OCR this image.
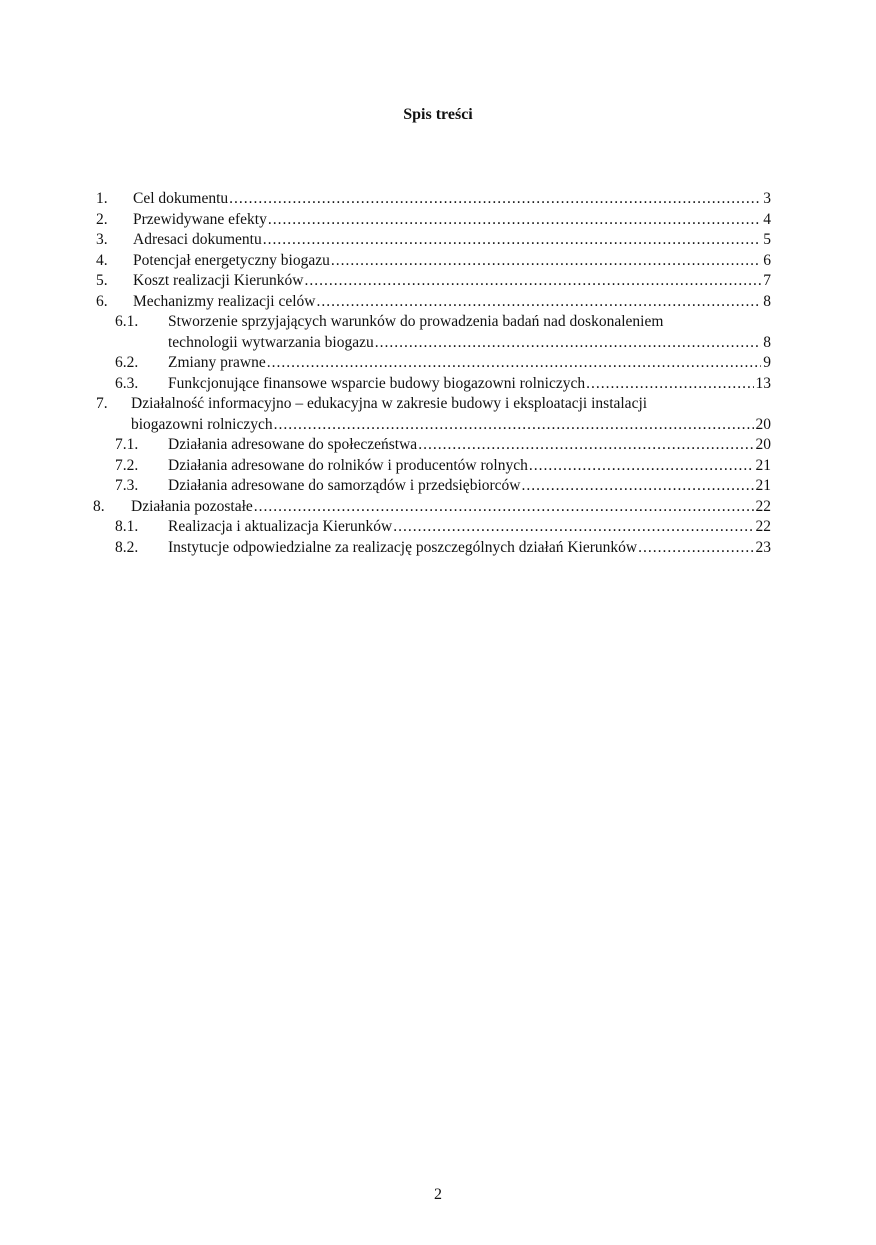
Spis treści
1. Cel dokumentu .....	3
2. Przewidywane efekty .....	4
3. Adresaci dokumentu .....	5
4. Potencjał energetyczny biogazu .....	6
5. Koszt realizacji Kierunków .....	7
6. Mechanizmy realizacji celów .....	8
6.1. Stworzenie sprzyjających warunków do prowadzenia badań nad doskonaleniem
technologii wytwarzania biogazu .....	8
6.2. Zmiany prawne .....	9
6.3. Funkcjonujące finansowe wsparcie budowy biogazowni rolniczych .....	13
7. Działalność informacyjno – edukacyjna w zakresie budowy i eksploatacji instalacji
biogazowni rolniczych .....	20
7.1. Działania adresowane do społeczeństwa .....	20
7.2. Działania adresowane do rolników i producentów rolnych .....	21
7.3. Działania adresowane do samorządów i przedsiębiorców .....	21
8. Działania pozostałe .....	22
8.1. Realizacja i aktualizacja Kierunków .....	22
8.2. Instytucje odpowiedzialne za realizację poszczególnych działań Kierunków .....	23
2
